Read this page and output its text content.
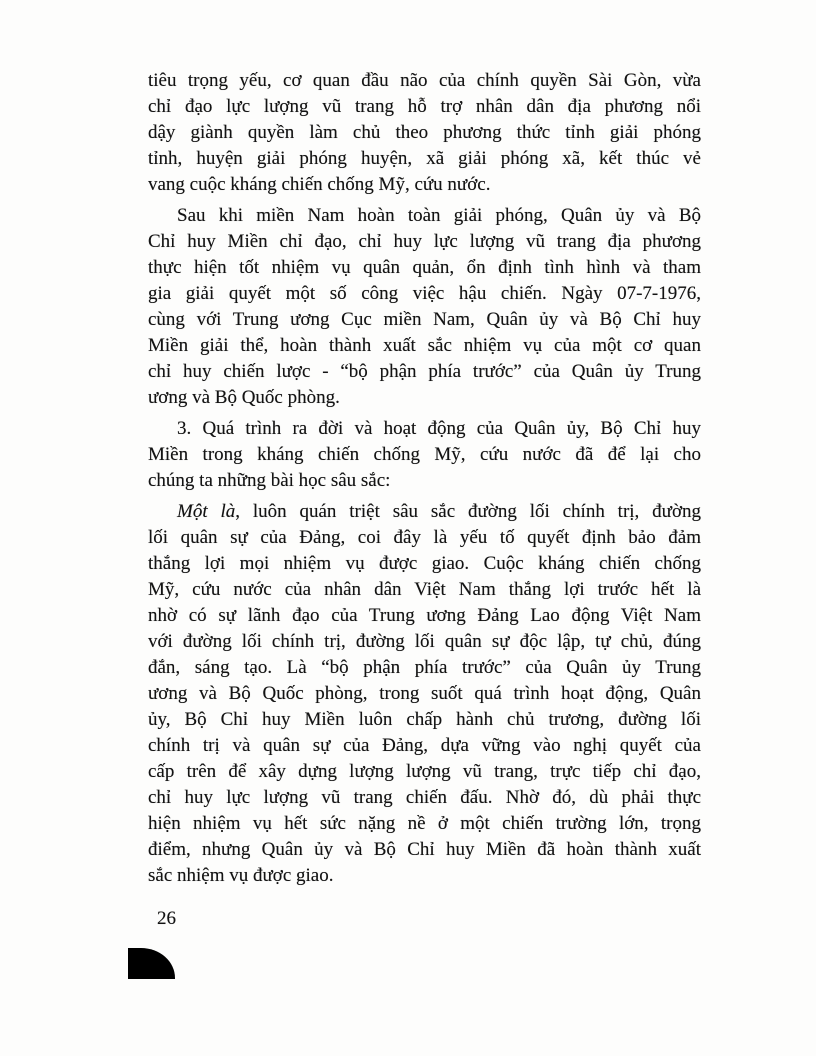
tiêu trọng yếu, cơ quan đầu não của chính quyền Sài Gòn, vừa
chỉ đạo lực lượng vũ trang hỗ trợ nhân dân địa phương nổi
dậy giành quyền làm chủ theo phương thức tỉnh giải phóng
tỉnh, huyện giải phóng huyện, xã giải phóng xã, kết thúc vẻ
vang cuộc kháng chiến chống Mỹ, cứu nước.

Sau khi miền Nam hoàn toàn giải phóng, Quân ủy và Bộ
Chỉ huy Miền chỉ đạo, chỉ huy lực lượng vũ trang địa phương
thực hiện tốt nhiệm vụ quân quản, ổn định tình hình và tham
gia giải quyết một số công việc hậu chiến. Ngày 07-7-1976,
cùng với Trung ương Cục miền Nam, Quân ủy và Bộ Chỉ huy
Miền giải thể, hoàn thành xuất sắc nhiệm vụ của một cơ quan
chỉ huy chiến lược - “bộ phận phía trước” của Quân ủy Trung
ương và Bộ Quốc phòng.

3. Quá trình ra đời và hoạt động của Quân ủy, Bộ Chỉ huy
Miền trong kháng chiến chống Mỹ, cứu nước đã để lại cho
chúng ta những bài học sâu sắc:

Một là, luôn quán triệt sâu sắc đường lối chính trị, đường
lối quân sự của Đảng, coi đây là yếu tố quyết định bảo đảm
thắng lợi mọi nhiệm vụ được giao. Cuộc kháng chiến chống
Mỹ, cứu nước của nhân dân Việt Nam thắng lợi trước hết là
nhờ có sự lãnh đạo của Trung ương Đảng Lao động Việt Nam
với đường lối chính trị, đường lối quân sự độc lập, tự chủ, đúng
đắn, sáng tạo. Là “bộ phận phía trước” của Quân ủy Trung
ương và Bộ Quốc phòng, trong suốt quá trình hoạt động, Quân
ủy, Bộ Chỉ huy Miền luôn chấp hành chủ trương, đường lối
chính trị và quân sự của Đảng, dựa vững vào nghị quyết của
cấp trên để xây dựng lượng lượng vũ trang, trực tiếp chỉ đạo,
chỉ huy lực lượng vũ trang chiến đấu. Nhờ đó, dù phải thực
hiện nhiệm vụ hết sức nặng nề ở một chiến trường lớn, trọng
điểm, nhưng Quân ủy và Bộ Chỉ huy Miền đã hoàn thành xuất
sắc nhiệm vụ được giao.

26
